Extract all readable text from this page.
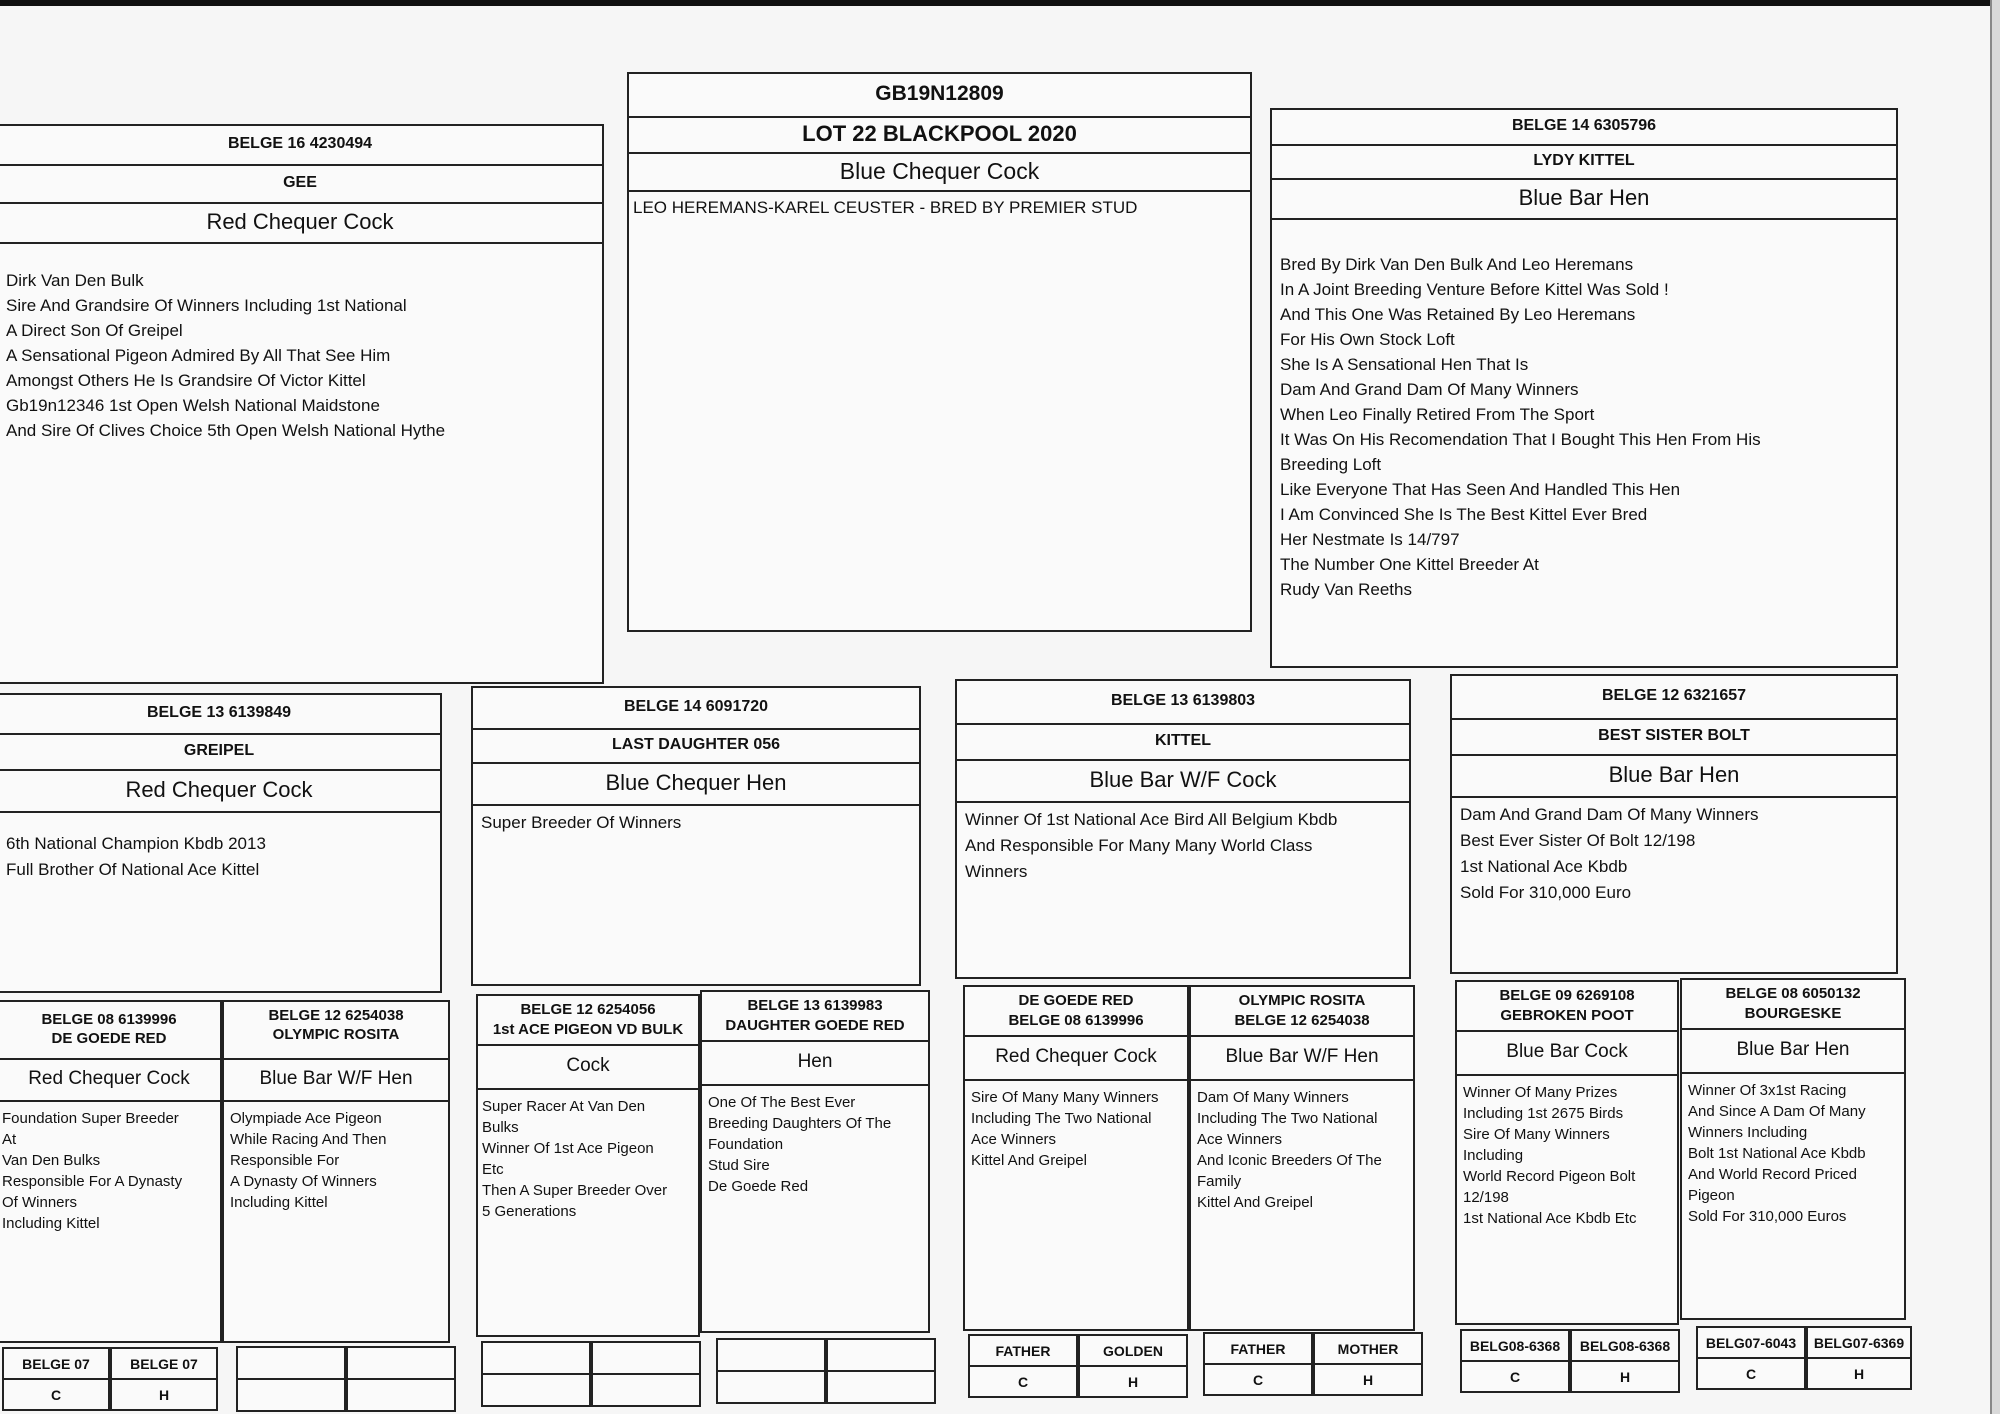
GB19N12809
LOT 22 BLACKPOOL 2020
Blue Chequer Cock
LEO HEREMANS-KAREL CEUSTER - BRED BY PREMIER STUD
BELGE 16 4230494
GEE
Red Chequer Cock
Dirk Van Den Bulk
Sire And Grandsire Of Winners Including 1st National
A Direct Son Of Greipel
A Sensational Pigeon Admired By All That See Him
Amongst Others He Is Grandsire Of Victor Kittel
Gb19n12346 1st Open Welsh National Maidstone
And Sire Of Clives Choice 5th Open Welsh National Hythe
BELGE 14 6305796
LYDY KITTEL
Blue Bar Hen
Bred By Dirk Van Den Bulk And Leo Heremans
In A Joint Breeding Venture Before Kittel Was Sold !
And This One Was Retained By Leo Heremans
For His Own Stock Loft
She Is A Sensational Hen That Is
Dam And Grand Dam Of Many Winners
When Leo Finally Retired From The Sport
It Was On His Recomendation That I Bought This Hen From His
Breeding Loft
Like Everyone That Has Seen And Handled This Hen
I Am Convinced She Is The Best Kittel Ever Bred
Her Nestmate Is 14/797
The Number One Kittel Breeder At
Rudy Van Reeths
BELGE 13 6139849
GREIPEL
Red Chequer Cock
6th National Champion Kbdb 2013
Full Brother Of National Ace Kittel
BELGE 14 6091720
LAST DAUGHTER 056
Blue Chequer Hen
Super Breeder Of Winners
BELGE 13 6139803
KITTEL
Blue Bar W/F Cock
Winner Of 1st National Ace Bird All Belgium Kbdb
And Responsible For Many Many World Class
Winners
BELGE 12 6321657
BEST SISTER BOLT
Blue Bar Hen
Dam And Grand Dam Of Many Winners
Best Ever Sister Of Bolt 12/198
1st National Ace Kbdb
Sold For 310,000 Euro
BELGE 08 6139996
DE GOEDE RED
Red Chequer Cock
Foundation Super Breeder
At
Van Den Bulks
Responsible For A Dynasty
Of Winners
Including Kittel
BELGE 12 6254038
OLYMPIC ROSITA
Blue Bar W/F Hen
Olympiade Ace Pigeon
While Racing And Then
Responsible For
A Dynasty Of Winners
Including Kittel
BELGE 12 6254056
1st ACE PIGEON VD BULK
Cock
Super Racer At Van Den
Bulks
Winner Of 1st Ace Pigeon
Etc
Then A Super Breeder Over
5 Generations
BELGE 13 6139983
DAUGHTER GOEDE RED
Hen
One Of The Best Ever
Breeding Daughters Of The
Foundation
Stud Sire
De Goede Red
DE GOEDE RED
BELGE 08 6139996
Red Chequer Cock
Sire Of Many Many Winners
Including The Two National
Ace Winners
Kittel And Greipel
OLYMPIC ROSITA
BELGE 12 6254038
Blue Bar W/F Hen
Dam Of Many Winners
Including The Two National
Ace Winners
And Iconic Breeders Of The
Family
Kittel And Greipel
BELGE 09 6269108
GEBROKEN POOT
Blue Bar Cock
Winner Of Many Prizes
Including 1st 2675 Birds
Sire Of Many Winners
Including
World Record Pigeon Bolt
12/198
1st National Ace Kbdb Etc
BELGE 08 6050132
BOURGESKE
Blue Bar Hen
Winner Of 3x1st Racing
And Since A Dam Of Many
Winners Including
Bolt 1st National Ace Kbdb
And World Record Priced
Pigeon
Sold For 310,000 Euros
BELGE 07
C
BELGE 07
H
FATHER
C
GOLDEN
H
FATHER
C
MOTHER
H
BELG08-6368
C
BELG08-6368
H
BELG07-6043
C
BELG07-6369
H
